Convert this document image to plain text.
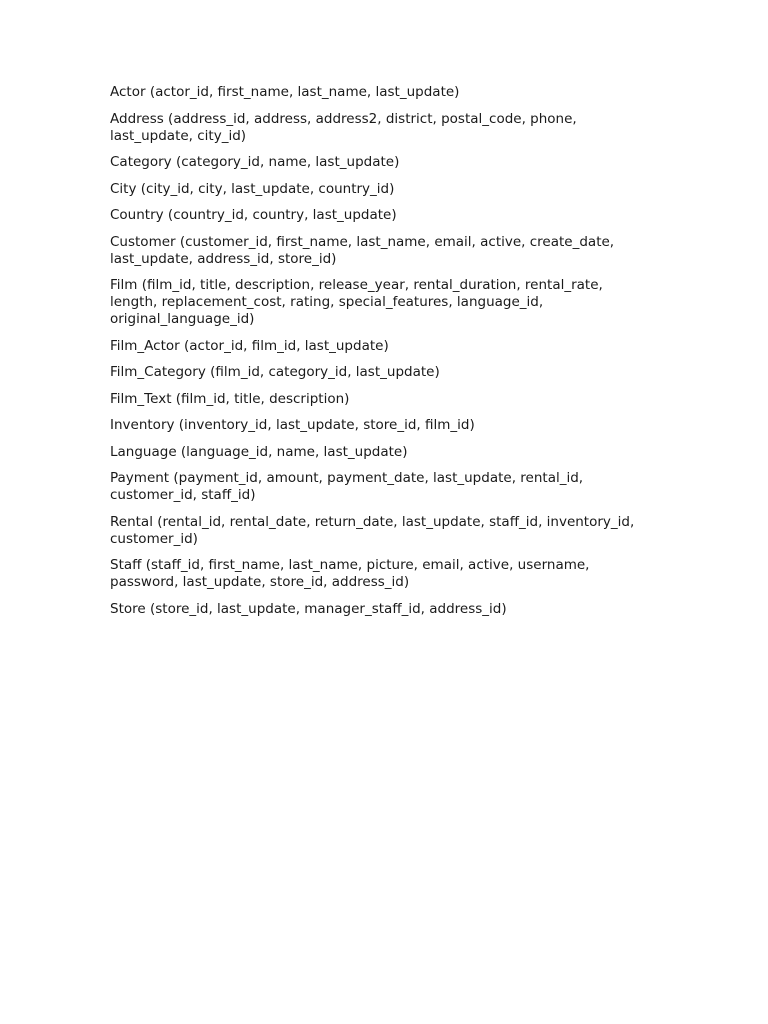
Actor (actor_id, first_name, last_name, last_update)
Address (address_id, address, address2, district, postal_code, phone, last_update, city_id)
Category (category_id, name, last_update)
City (city_id, city, last_update, country_id)
Country (country_id, country, last_update)
Customer (customer_id, first_name, last_name, email, active, create_date, last_update, address_id, store_id)
Film (film_id, title, description, release_year, rental_duration, rental_rate, length, replacement_cost, rating, special_features, language_id, original_language_id)
Film_Actor (actor_id, film_id, last_update)
Film_Category (film_id, category_id, last_update)
Film_Text (film_id, title, description)
Inventory (inventory_id, last_update, store_id, film_id)
Language (language_id, name, last_update)
Payment (payment_id, amount, payment_date, last_update, rental_id, customer_id, staff_id)
Rental (rental_id, rental_date, return_date, last_update, staff_id, inventory_id, customer_id)
Staff (staff_id, first_name, last_name, picture, email, active, username, password, last_update, store_id, address_id)
Store (store_id, last_update, manager_staff_id, address_id)
